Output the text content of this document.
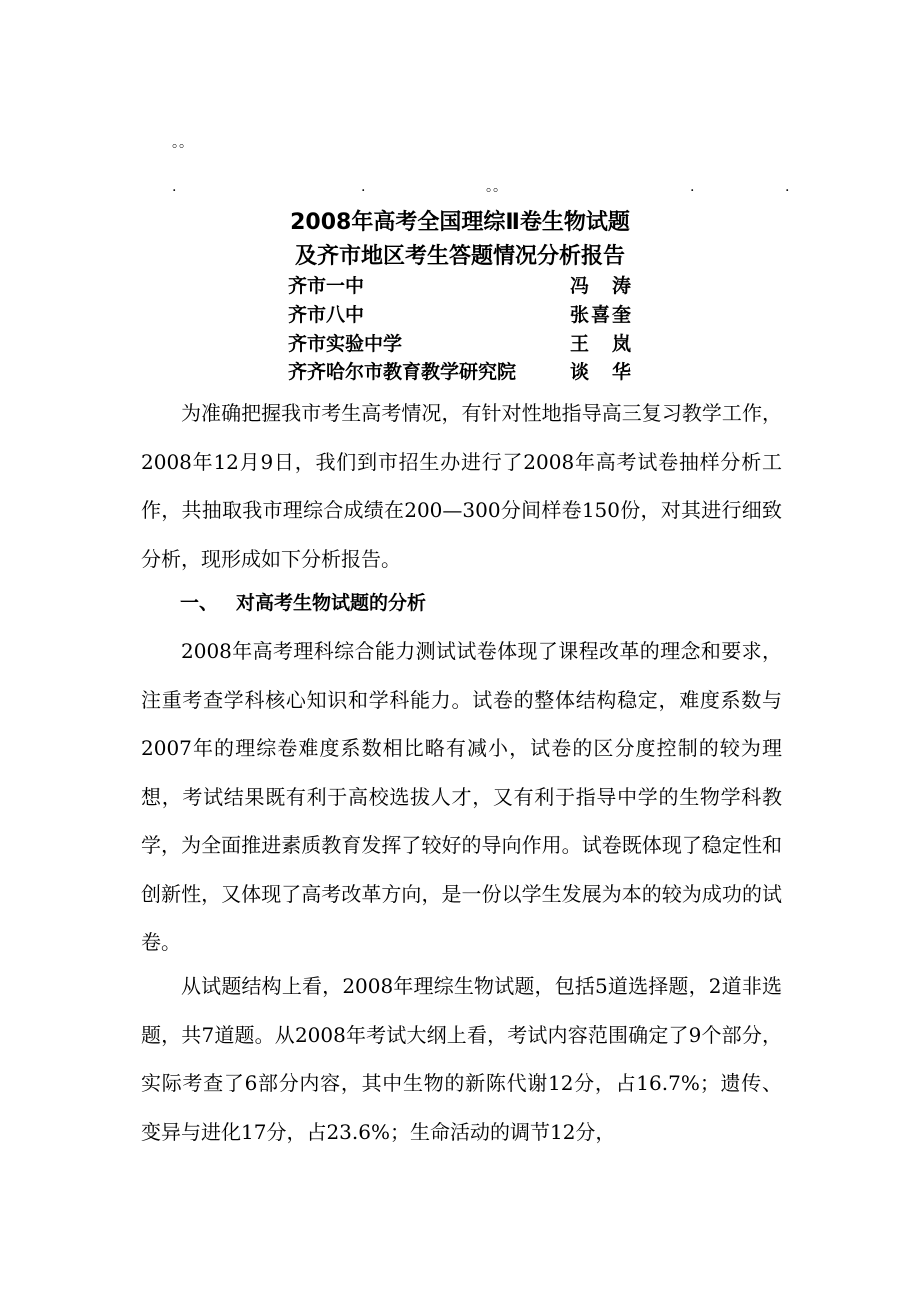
。。
.	.	。。	.	.
2008年高考全国理综Ⅱ卷生物试题
及齐市地区考生答题情况分析报告
齐市一中	冯　涛
齐市八中	张喜奎
齐市实验中学	王　岚
齐齐哈尔市教育教学研究院	谈　华

为准确把握我市考生高考情况，有针对性地指导高三复习教学工作，2008年12月9日，我们到市招生办进行了2008年高考试卷抽样分析工作，共抽取我市理综合成绩在200—300分间样卷150份，对其进行细致分析，现形成如下分析报告。

一、 对高考生物试题的分析

2008年高考理科综合能力测试试卷体现了课程改革的理念和要求，注重考查学科核心知识和学科能力。试卷的整体结构稳定，难度系数与2007年的理综卷难度系数相比略有减小，试卷的区分度控制的较为理想，考试结果既有利于高校选拔人才，又有利于指导中学的生物学科教学，为全面推进素质教育发挥了较好的导向作用。试卷既体现了稳定性和创新性，又体现了高考改革方向，是一份以学生发展为本的较为成功的试卷。

从试题结构上看，2008年理综生物试题，包括5道选择题，2道非选题，共7道题。从2008年考试大纲上看，考试内容范围确定了9个部分，实际考查了6部分内容，其中生物的新陈代谢12分，占16.7%；遗传、变异与进化17分，占23.6%；生命活动的调节12分，
